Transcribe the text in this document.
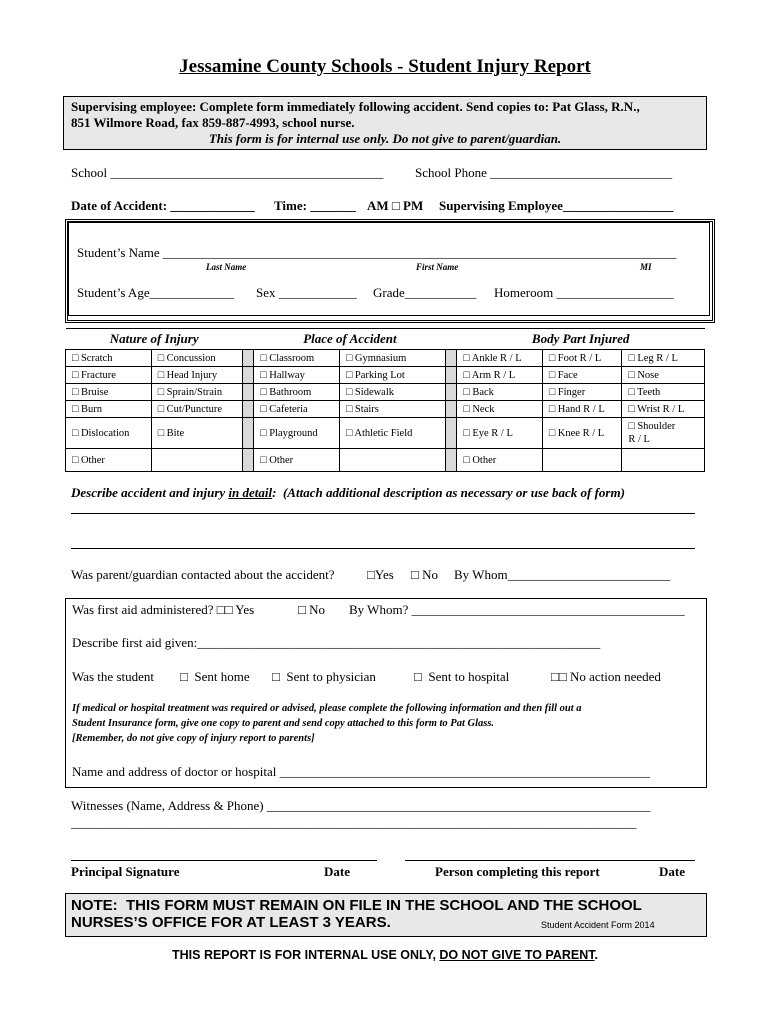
Jessamine County Schools - Student Injury Report
Supervising employee: Complete form immediately following accident. Send copies to: Pat Glass, R.N.,
851 Wilmore Road, fax 859-887-4993, school nurse.
This form is for internal use only. Do not give to parent/guardian.
School __________________________________________ School Phone ____________________________
Date of Accident: _____________ Time: _______ AM □ PM Supervising Employee_________________
Student’s Name _______________________________________________________________________________
Last Name	First Name	MI
Student’s Age_____________ Sex ____________ Grade___________ Homeroom __________________
Nature of Injury			Place of Accident			Body Part Injured		
□ Scratch	□ Concussion		□ Classroom	□ Gymnasium		□ Ankle R / L	□ Foot R / L	□ Leg R / L
□ Fracture	□ Head Injury		□ Hallway	□ Parking Lot		□ Arm R / L	□ Face	□ Nose
□ Bruise	□ Sprain/Strain		□ Bathroom	□ Sidewalk		□ Back	□ Finger	□ Teeth
□ Burn	□ Cut/Puncture		□ Cafeteria	□ Stairs		□ Neck	□ Hand R / L	□ Wrist R / L
□ Dislocation	□ Bite		□ Playground	□ Athletic Field		□ Eye R / L	□ Knee R / L	□ Shoulder
R / L
□ Other			□ Other			□ Other		
Describe accident and injury in detail:  (Attach additional description as necessary or use back of form)
Was parent/guardian contacted about the accident? □Yes □ No By Whom_________________________
Was first aid administered? □□ Yes	□ No By Whom? __________________________________________
Describe first aid given:______________________________________________________________
Was the student □  Sent home □  Sent to physician	□  Sent to hospital	□□ No action needed
If medical or hospital treatment was required or advised, please complete the following information and then fill out a
Student Insurance form, give one copy to parent and send copy attached to this form to Pat Glass.
[Remember, do not give copy of injury report to parents]
Name and address of doctor or hospital _________________________________________________________
Witnesses (Name, Address & Phone) ___________________________________________________________
_______________________________________________________________________________________
Principal Signature	Date	Person completing this report	Date
NOTE:  THIS FORM MUST REMAIN ON FILE IN THE SCHOOL AND THE SCHOOL
NURSES’S OFFICE FOR AT LEAST 3 YEARS.	Student Accident Form 2014
THIS REPORT IS FOR INTERNAL USE ONLY, DO NOT GIVE TO PARENT.
